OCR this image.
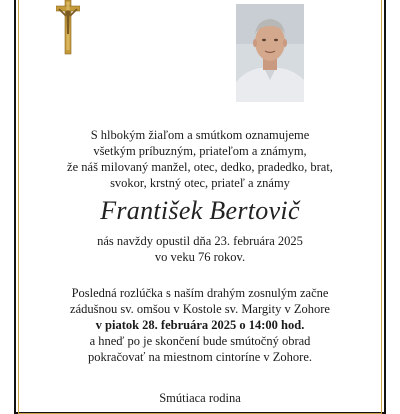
S hlbokým žiaľom a smútkom oznamujeme
všetkým príbuzným, priateľom a známym,
že náš milovaný manžel, otec, dedko, pradedko, brat,
svokor, krstný otec, priateľ a známy
František Bertovič
nás navždy opustil dňa 23. februára 2025
vo veku 76 rokov.
Posledná rozlúčka s naším drahým zosnulým začne
zádušnou sv. omšou v Kostole sv. Margity v Zohore
v piatok 28. februára 2025 o 14:00 hod.
a hneď po je skončení bude smútočný obrad
pokračovať na miestnom cintoríne v Zohore.
Smútiaca rodina
